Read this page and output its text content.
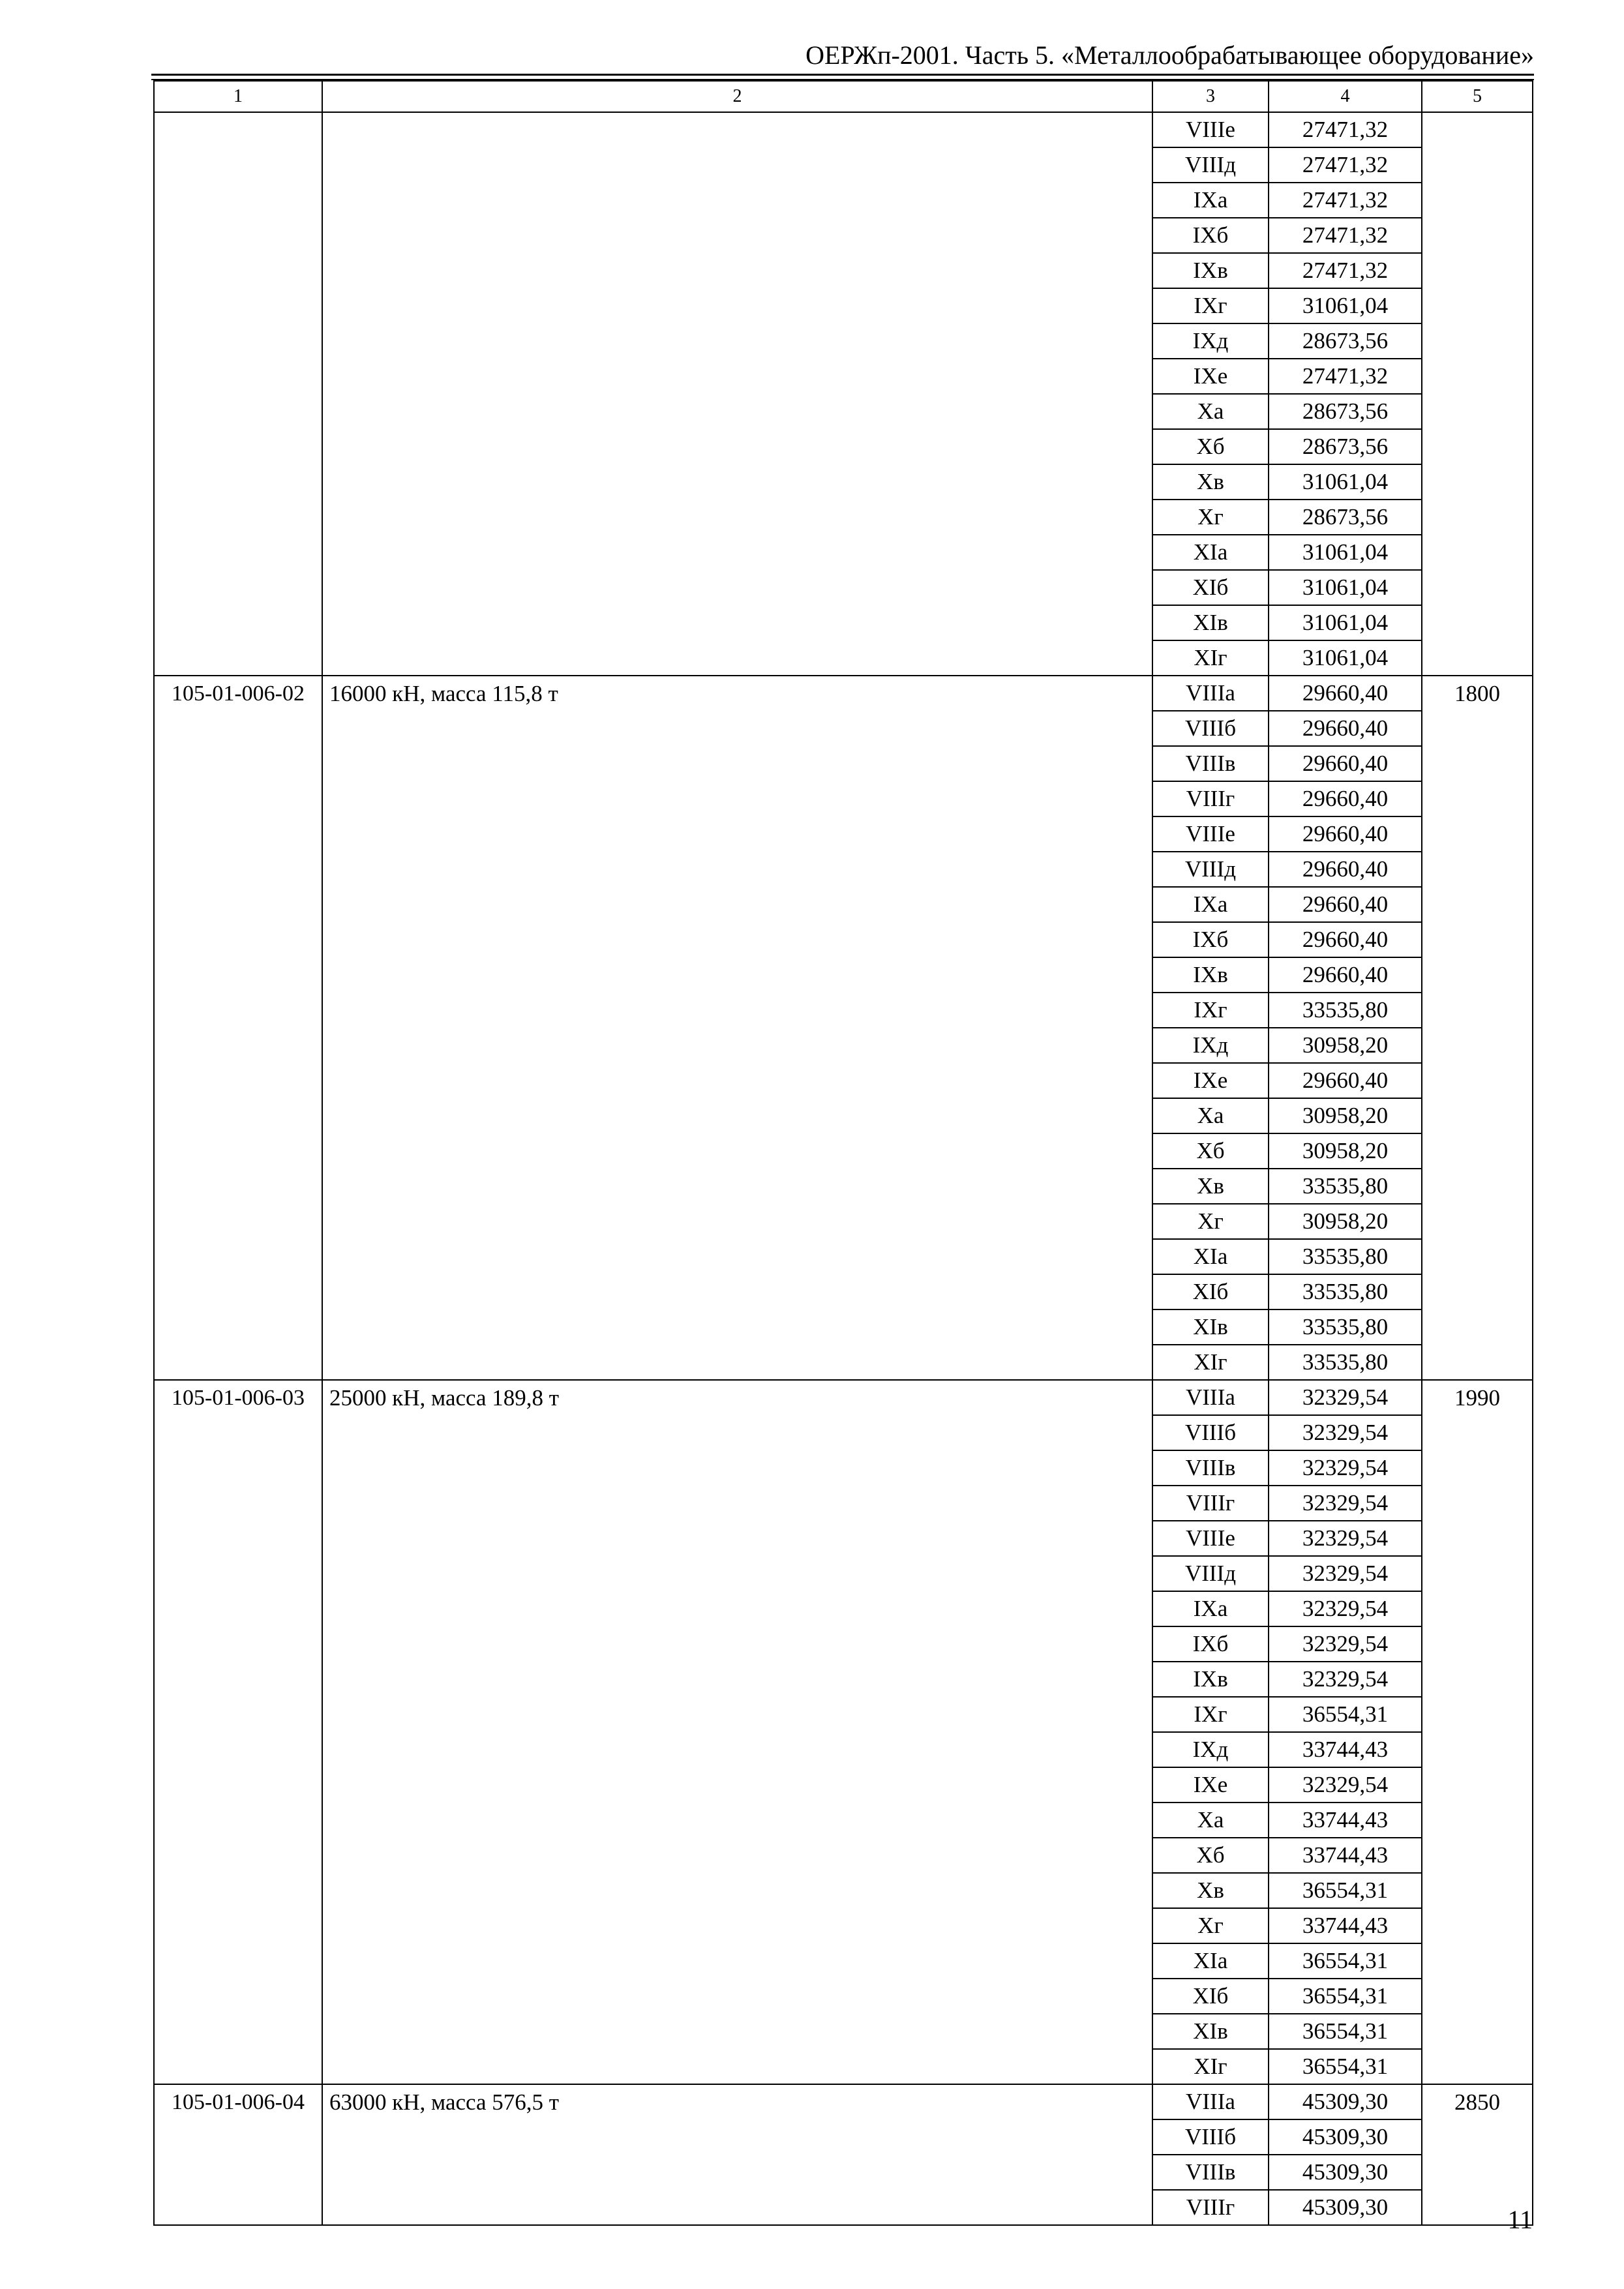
ОЕРЖп-2001. Часть 5. «Металлообрабатывающее оборудование»
1	2	3	4	5

VIIIe	27471,32
VIIIд	27471,32
IXa	27471,32
IXб	27471,32
IXв	27471,32
IXг	31061,04
IXд	28673,56
IXe	27471,32
Xa	28673,56
Xб	28673,56
Xв	31061,04
Xг	28673,56
XIa	31061,04
XIб	31061,04
XIв	31061,04
XIг	31061,04

105-01-006-02	16000 кН, масса 115,8 т		VIIIa	29660,40
VIIIб	29660,40
VIIIв	29660,40
VIIIг	29660,40
VIIIe	29660,40
VIIIд	29660,40
IXa	29660,40
IXб	29660,40
IXв	29660,40
IXг	33535,80
IXд	30958,20
IXe	29660,40
Xa	30958,20
Xб	30958,20
Xв	33535,80
Xг	30958,20
XIa	33535,80
XIб	33535,80
XIв	33535,80
XIг	33535,80
	1800
105-01-006-03	25000 кН, масса 189,8 т		VIIIa	32329,54
VIIIб	32329,54
VIIIв	32329,54
VIIIг	32329,54
VIIIe	32329,54
VIIIд	32329,54
IXa	32329,54
IXб	32329,54
IXв	32329,54
IXг	36554,31
IXд	33744,43
IXe	32329,54
Xa	33744,43
Xб	33744,43
Xв	36554,31
Xг	33744,43
XIa	36554,31
XIб	36554,31
XIв	36554,31
XIг	36554,31
	1990
105-01-006-04	63000 кН, масса 576,5 т		VIIIa	45309,30
VIIIб	45309,30
VIIIв	45309,30
VIIIг	45309,30
	2850
11
